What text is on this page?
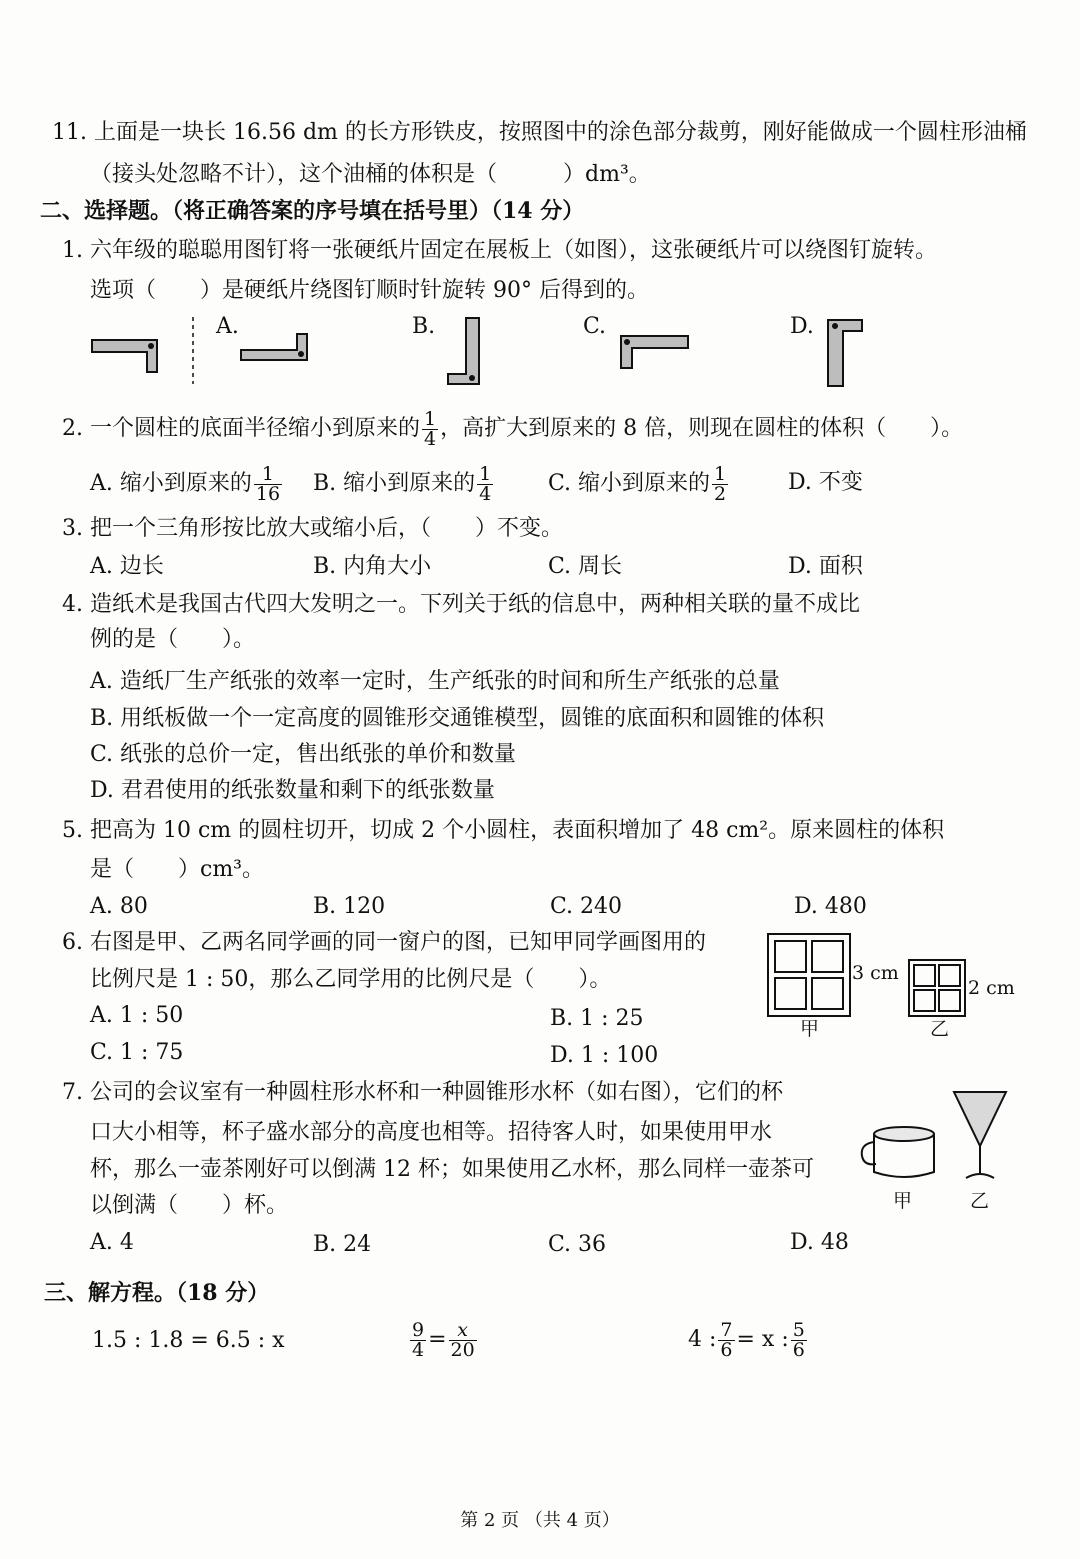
11. 上面是一块长 16.56 dm 的长方形铁皮，按照图中的涂色部分裁剪，刚好能做成一个圆柱形油桶
（接头处忽略不计），这个油桶的体积是（　　　）dm³。
二、选择题。（将正确答案的序号填在括号里）（14 分）
1. 六年级的聪聪用图钉将一张硬纸片固定在展板上（如图），这张硬纸片可以绕图钉旋转。
选项（　　）是硬纸片绕图钉顺时针旋转 90° 后得到的。
A.	B.	C.	D.
2. 一个圆柱的底面半径缩小到原来的 $\frac{1}{4}$ ，高扩大到原来的 8 倍，则现在圆柱的体积（　　）。
A. 缩小到原来的 $\frac{1}{16} B$. 缩小到原来的 $\frac{1}{4} C$. 缩小到原来的 $\frac{1}{2}$	D. 不变
3. 把一个三角形按比放大或缩小后，（　　）不变。
A. 边长	B. 内角大小	C. 周长	D. 面积
4. 造纸术是我国古代四大发明之一。下列关于纸的信息中，两种相关联的量不成比
例的是（　　）。
A. 造纸厂生产纸张的效率一定时，生产纸张的时间和所生产纸张的总量
B. 用纸板做一个一定高度的圆锥形交通锥模型，圆锥的底面积和圆锥的体积
C. 纸张的总价一定，售出纸张的单价和数量
D. 君君使用的纸张数量和剩下的纸张数量
5. 把高为 10 cm 的圆柱切开，切成 2 个小圆柱，表面积增加了 48 cm²。原来圆柱的体积
是（　　）cm³。
A. 80	B. 120	C. 240	D. 480
6. 右图是甲、乙两名同学画的同一窗户的图，已知甲同学画图用的
比例尺是 1 : 50，那么乙同学用的比例尺是（　　）。
A. 1 : 50	B. 1 : 25
C. 1 : 75	D. 1 : 100
3 cm
2 cm
甲	乙
7. 公司的会议室有一种圆柱形水杯和一种圆锥形水杯（如右图），它们的杯
口大小相等，杯子盛水部分的高度也相等。招待客人时，如果使用甲水
杯，那么一壶茶刚好可以倒满 12 杯；如果使用乙水杯，那么同样一壶茶可
以倒满（　　）杯。
A. 4	B. 24	C. 36	D. 48
甲	乙
三、解方程。（18 分）
1.5 : 1.8 = 6.5 : x	$\frac{9}{4} = \frac{x}{20}$	4 : $\frac{7}{6} = x$ : $\frac{5}{6}$
第 2 页 （共 4 页）
